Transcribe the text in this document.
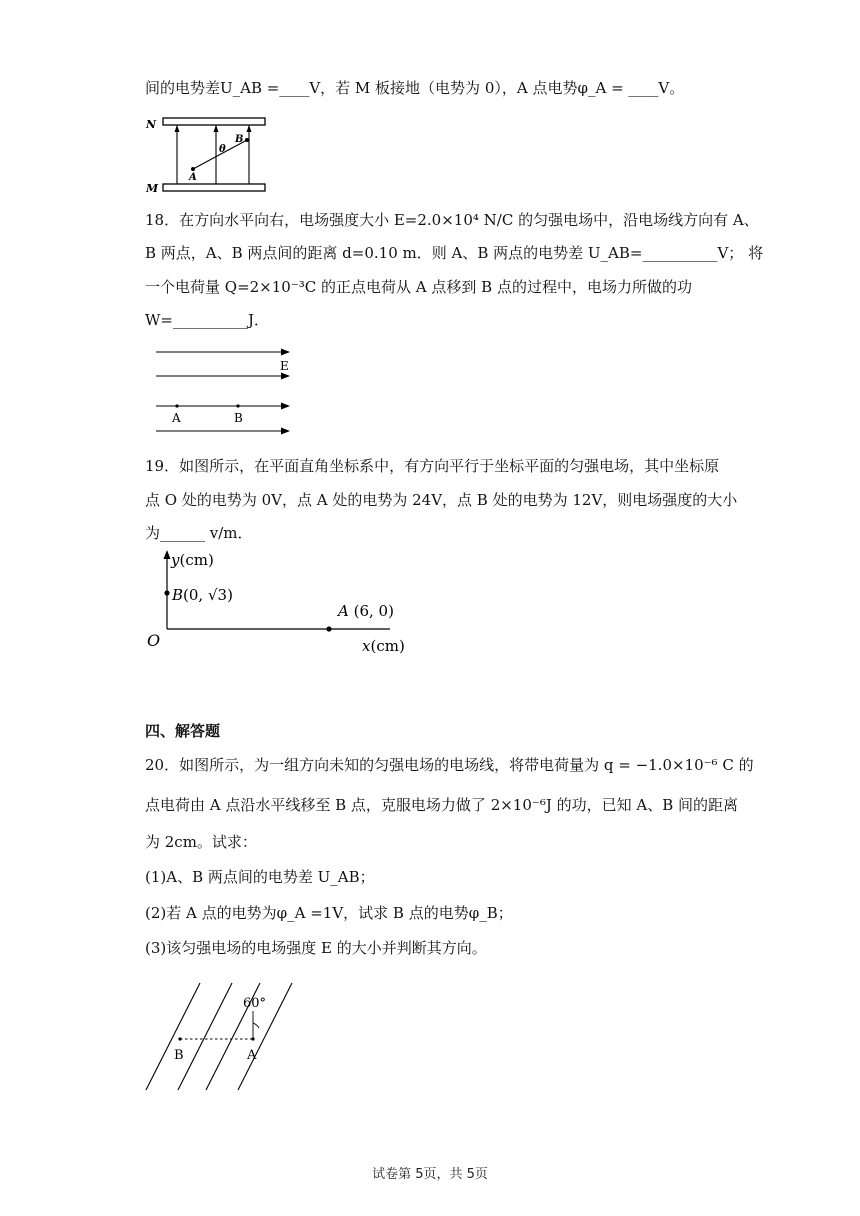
间的电势差U_AB =____V，若 M 板接地（电势为 0），A 点电势φ_A = ____V。
N
M
A
B
θ
18．在方向水平向右，电场强度大小 E=2.0×10⁴ N/C 的匀强电场中，沿电场线方向有 A、
B 两点，A、B 两点间的距离 d=0.10 m．则 A、B 两点的电势差 U_AB=__________V； 将
一个电荷量 Q=2×10⁻³C 的正点电荷从 A 点移到 B 点的过程中，电场力所做的功
W=__________J．
E
A	B
19．如图所示，在平面直角坐标系中，有方向平行于坐标平面的匀强电场，其中坐标原
点 O 处的电势为 0V，点 A 处的电势为 24V，点 B 处的电势为 12V，则电场强度的大小
为______ v/m．
y(cm)
B(0, √3)
A (6, 0)
O	x(cm)
四、解答题
20．如图所示，为一组方向未知的匀强电场的电场线，将带电荷量为 q = −1.0×10⁻⁶ C 的
点电荷由 A 点沿水平线移至 B 点，克服电场力做了 2×10⁻⁶J 的功，已知 A、B 间的距离
为 2cm。试求：
(1)A、B 两点间的电势差 U_AB；
(2)若 A 点的电势为φ_A =1V，试求 B 点的电势φ_B；
(3)该匀强电场的电场强度 E 的大小并判断其方向。
60°
B	A
试卷第 5页，共 5页
